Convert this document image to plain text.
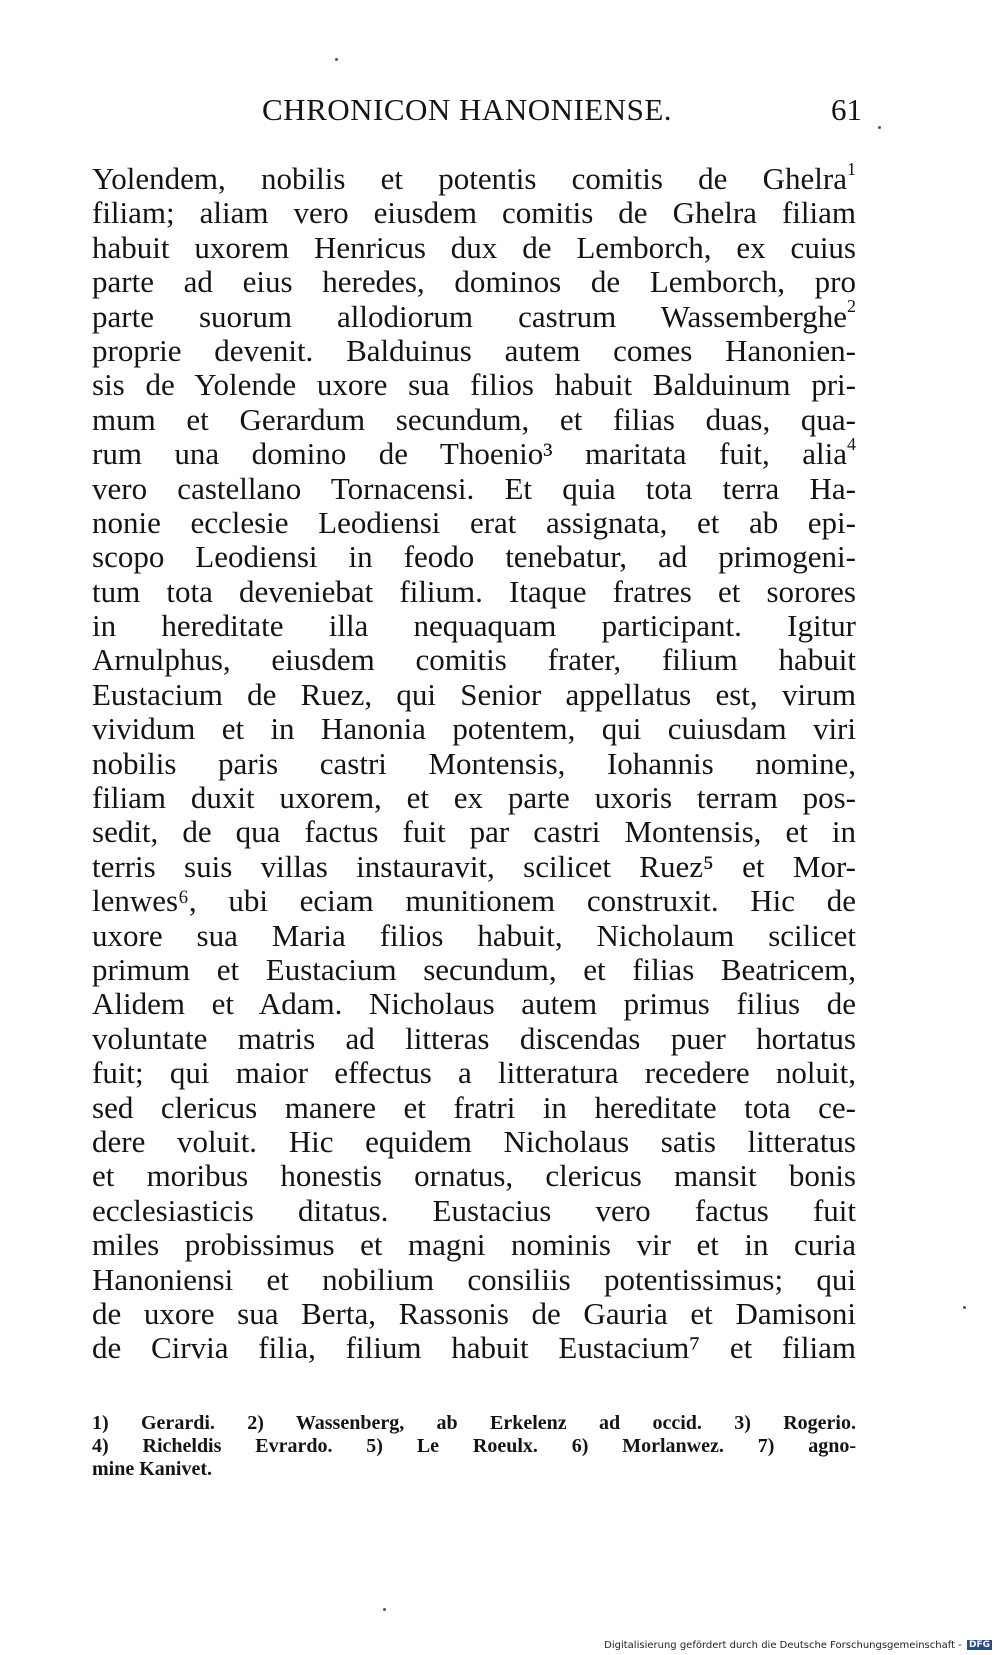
CHRONICON HANONIENSE.	61
Yolendem, nobilis et potentis comitis de Ghelra$^1$
filiam; aliam vero eiusdem comitis de Ghelra filiam
habuit uxorem Henricus dux de Lemborch, ex cuius
parte ad eius heredes, dominos de Lemborch, pro
parte suorum allodiorum castrum Wassemberghe$^2$
proprie devenit. Balduinus autem comes Hanonien-
sis de Yolende uxore sua filios habuit Balduinum pri-
mum et Gerardum secundum, et filias duas, qua-
rum una domino de Thoenio³ maritata fuit, alia$^4$
vero castellano Tornacensi. Et quia tota terra Ha-
nonie ecclesie Leodiensi erat assignata, et ab epi-
scopo Leodiensi in feodo tenebatur, ad primogeni-
tum tota deveniebat filium. Itaque fratres et sorores
in hereditate illa nequaquam participant. Igitur
Arnulphus, eiusdem comitis frater, filium habuit
Eustacium de Ruez, qui Senior appellatus est, virum
vividum et in Hanonia potentem, qui cuiusdam viri
nobilis paris castri Montensis, Iohannis nomine,
filiam duxit uxorem, et ex parte uxoris terram pos-
sedit, de qua factus fuit par castri Montensis, et in
terris suis villas instauravit, scilicet Ruez⁵ et Mor-
lenwes⁶, ubi eciam munitionem construxit. Hic de
uxore sua Maria filios habuit, Nicholaum scilicet
primum et Eustacium secundum, et filias Beatricem,
Alidem et Adam. Nicholaus autem primus filius de
voluntate matris ad litteras discendas puer hortatus
fuit; qui maior effectus a litteratura recedere noluit,
sed clericus manere et fratri in hereditate tota ce-
dere voluit. Hic equidem Nicholaus satis litteratus
et moribus honestis ornatus, clericus mansit bonis
ecclesiasticis ditatus. Eustacius vero factus fuit
miles probissimus et magni nominis vir et in curia
Hanoniensi et nobilium consiliis potentissimus; qui
de uxore sua Berta, Rassonis de Gauria et Damisoni
de Cirvia filia, filium habuit Eustacium⁷ et filiam
1) Gerardi. 2) Wassenberg, ab Erkelenz ad occid. 3) Rogerio.
4) Richeldis Evrardo. 5) Le Roeulx. 6) Morlanwez. 7) agno-
mine Kanivet.
Digitalisierung gefördert durch die Deutsche Forschungsgemeinschaft - DFG
